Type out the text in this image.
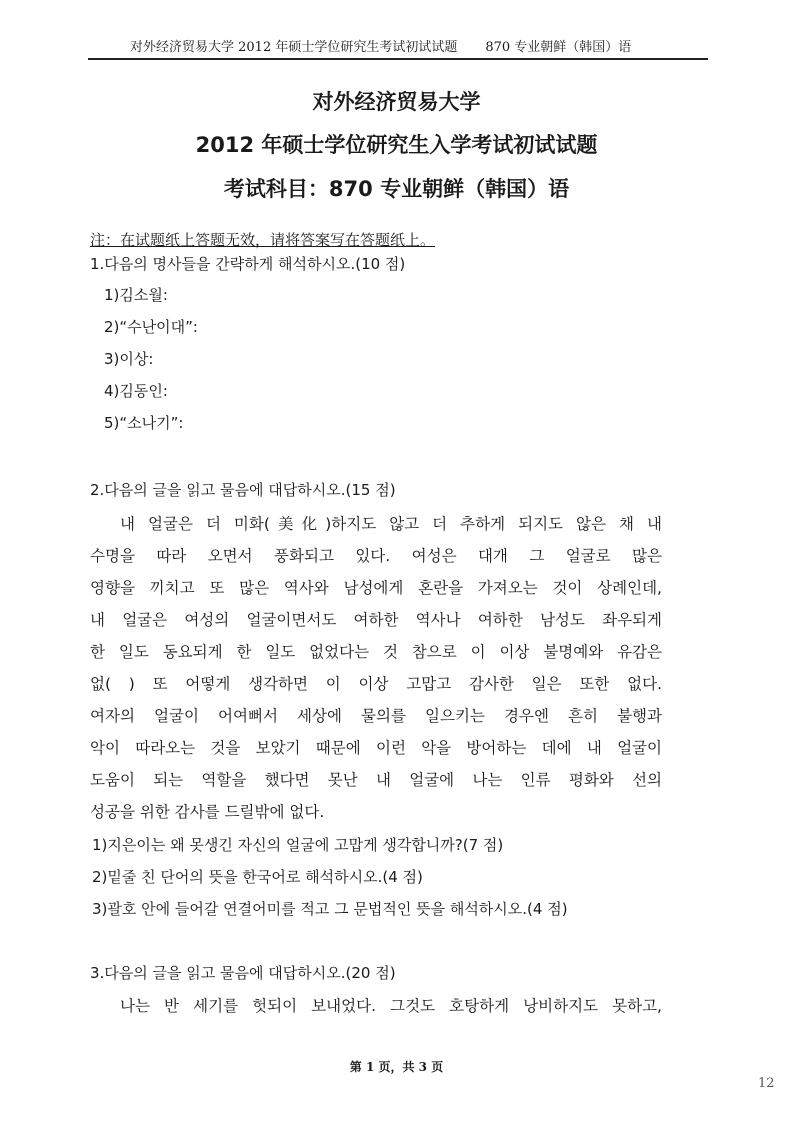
对外经济贸易大学 2012 年硕士学位研究生考试初试试题 870 专业朝鲜（韩国）语
对外经济贸易大学
2012 年硕士学位研究生入学考试初试试题
考试科目：870 专业朝鲜（韩国）语
注：在试题纸上答题无效，请将答案写在答题纸上。
1.다음의 명사들을 간략하게 해석하시오.(10 점)
1)김소월:
2)“수난이대”:
3)이상:
4)김동인:
5)“소나기”:
2.다음의 글을 읽고 물음에 대답하시오.(15 점)
내 얼굴은 더 미화(美化)하지도 않고 더 추하게 되지도 않은 채 내
수명을 따라 오면서 풍화되고 있다. 여성은 대개 그 얼굴로 많은
영향을 끼치고 또 많은 역사와 남성에게 혼란을 가져오는 것이 상례인데,
내 얼굴은 여성의 얼굴이면서도 여하한 역사나 여하한 남성도 좌우되게
한 일도 동요되게 한 일도 없었다는 것 참으로 이 이상 불명예와 유감은
없( ) 또 어떻게 생각하면 이 이상 고맙고 감사한 일은 또한 없다.
여자의 얼굴이 어여뻐서 세상에 물의를 일으키는 경우엔 흔히 불행과
악이 따라오는 것을 보았기 때문에 이런 악을 방어하는 데에 내 얼굴이
도움이 되는 역할을 했다면 못난 내 얼굴에 나는 인류 평화와 선의
성공을 위한 감사를 드릴밖에 없다.
1)지은이는 왜 못생긴 자신의 얼굴에 고맙게 생각합니까?(7 점)
2)밑줄 친 단어의 뜻을 한국어로 해석하시오.(4 점)
3)괄호 안에 들어갈 연결어미를 적고 그 문법적인 뜻을 해석하시오.(4 점)
3.다음의 글을 읽고 물음에 대답하시오.(20 점)
나는 반 세기를 헛되이 보내었다. 그것도 호탕하게 낭비하지도 못하고,
第 1 页，共 3 页
12
